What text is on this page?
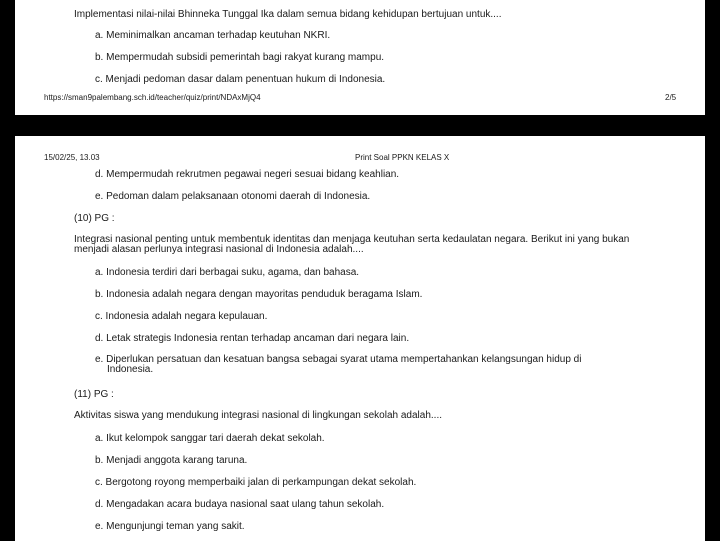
Implementasi nilai-nilai Bhinneka Tunggal Ika dalam semua bidang kehidupan bertujuan untuk....
a. Meminimalkan ancaman terhadap keutuhan NKRI.
b. Mempermudah subsidi pemerintah bagi rakyat kurang mampu.
c. Menjadi pedoman dasar dalam penentuan hukum di Indonesia.
https://sman9palembang.sch.id/teacher/quiz/print/NDAxMjQ4	2/5
15/02/25, 13.03	Print Soal PPKN KELAS X
d. Mempermudah rekrutmen pegawai negeri sesuai bidang keahlian.
e. Pedoman dalam pelaksanaan otonomi daerah di Indonesia.
(10) PG :
Integrasi nasional penting untuk membentuk identitas dan menjaga keutuhan serta kedaulatan negara. Berikut ini yang bukan menjadi alasan perlunya integrasi nasional di Indonesia adalah....
a. Indonesia terdiri dari berbagai suku, agama, dan bahasa.
b. Indonesia adalah negara dengan mayoritas penduduk beragama Islam.
c. Indonesia adalah negara kepulauan.
d. Letak strategis Indonesia rentan terhadap ancaman dari negara lain.
e. Diperlukan persatuan dan kesatuan bangsa sebagai syarat utama mempertahankan kelangsungan hidup di Indonesia.
(11) PG :
Aktivitas siswa yang mendukung integrasi nasional di lingkungan sekolah adalah....
a. Ikut kelompok sanggar tari daerah dekat sekolah.
b. Menjadi anggota karang taruna.
c. Bergotong royong memperbaiki jalan di perkampungan dekat sekolah.
d. Mengadakan acara budaya nasional saat ulang tahun sekolah.
e. Mengunjungi teman yang sakit.
